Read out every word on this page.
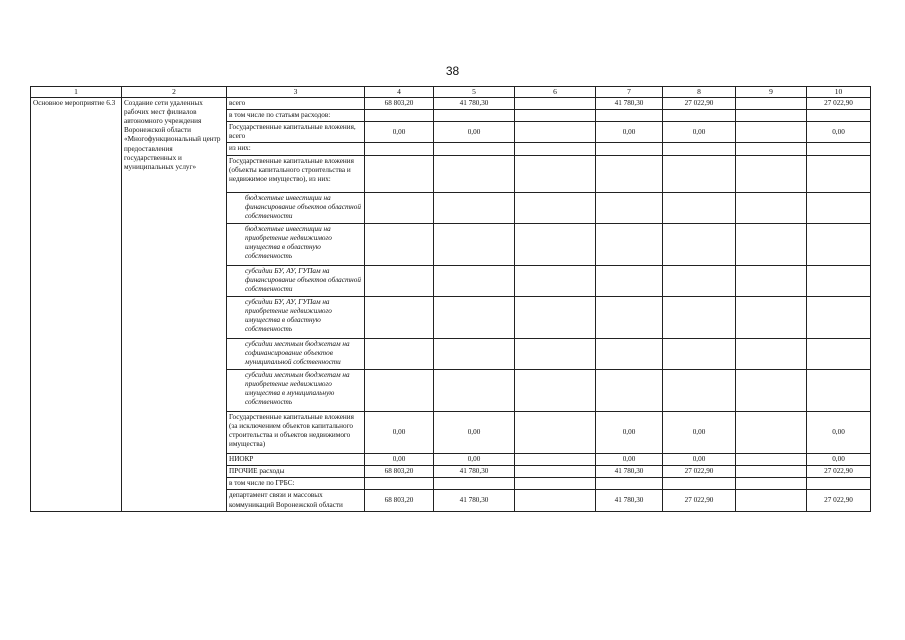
38
1	2	3	4	5	6	7	8	9	10
Основное мероприятие 6.3	Создание сети удаленных рабочих мест филиалов автономного учреждения Воронежской области «Многофункциональный центр предоставления государственных и муниципальных услуг»	всего	68 803,20	41 780,30		41 780,30	27 022,90		27 022,90
		в том числе по статьям расходов:							
		Государственные капитальные вложения, всего	0,00	0,00		0,00	0,00		0,00
		из них:							
		Государственные капитальные вложения (объекты капитального строительства и недвижимое имущество), из них:							
		бюджетные инвестиции на финансирование объектов областной собственности							
		бюджетные инвестиции на приобретение недвижимого имущества в областную собственность							
		субсидии БУ, АУ, ГУПам на финансирование объектов областной собственности							
		субсидии БУ, АУ, ГУПам на приобретение недвижимого имущества в областную собственность							
		субсидии местным бюджетам на софинансирование объектов муниципальной собственности							
		субсидии местным бюджетам на приобретение недвижимого имущества в муниципальную собственность							
		Государственные капитальные вложения (за исключением объектов капитального строительства и объектов недвижимого имущества)	0,00	0,00		0,00	0,00		0,00
		НИОКР	0,00	0,00		0,00	0,00		0,00
		ПРОЧИЕ расходы	68 803,20	41 780,30		41 780,30	27 022,90		27 022,90
		в том числе по ГРБС:							
		департамент связи и массовых коммуникаций Воронежской области	68 803,20	41 780,30		41 780,30	27 022,90		27 022,90
